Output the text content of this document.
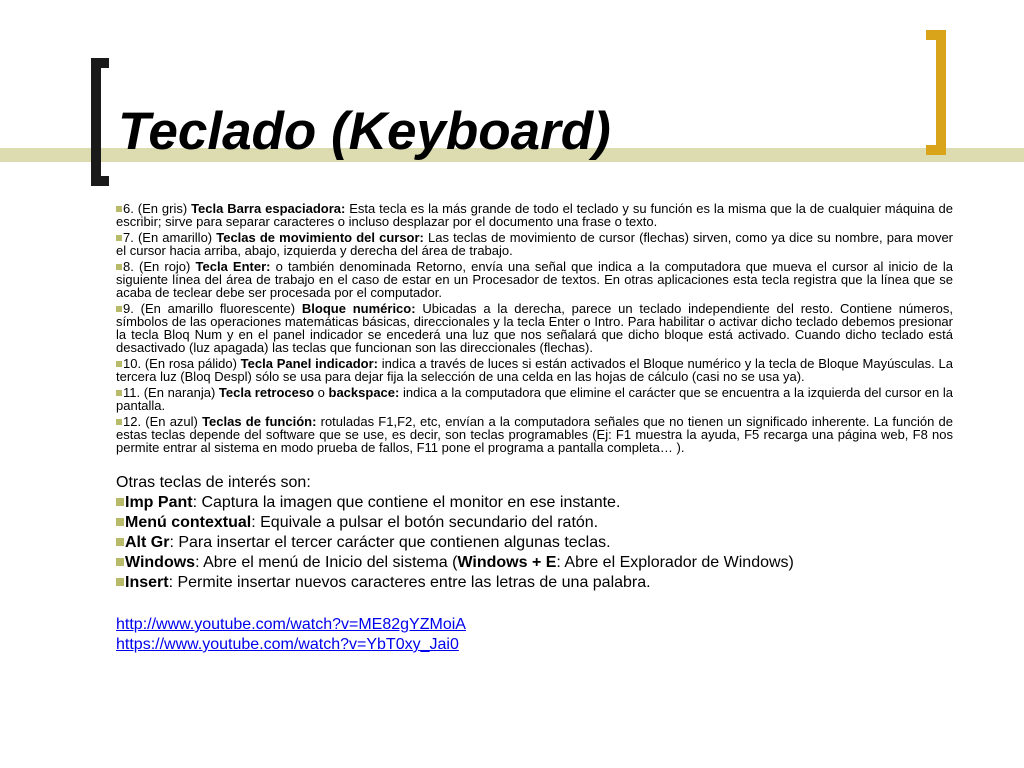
Teclado (Keyboard)

6. (En gris) Tecla Barra espaciadora: Esta tecla es la más grande de todo el teclado y su función es la misma que la de cualquier máquina de escribir; sirve para separar caracteres o incluso desplazar por el documento una frase o texto.

7. (En amarillo) Teclas de movimiento del cursor: Las teclas de movimiento de cursor (flechas) sirven, como ya dice su nombre, para mover el cursor hacia arriba, abajo, izquierda y derecha del área de trabajo.

8. (En rojo) Tecla Enter: o también denominada Retorno, envía una señal que indica a la computadora que mueva el cursor al inicio de la siguiente línea del área de trabajo en el caso de estar en un Procesador de textos. En otras aplicaciones esta tecla registra que la línea que se acaba de teclear debe ser procesada por el computador.

9. (En amarillo fluorescente) Bloque numérico: Ubicadas a la derecha, parece un teclado independiente del resto. Contiene números, símbolos de las operaciones matemáticas básicas, direccionales y la tecla Enter o Intro. Para habilitar o activar dicho teclado debemos presionar la tecla Bloq Num y en el panel indicador se encederá una luz que nos señalará que dicho bloque está activado. Cuando dicho teclado está desactivado (luz apagada) las teclas que funcionan son las direccionales (flechas).

10. (En rosa pálido) Tecla Panel indicador: indica a través de luces si están activados el Bloque numérico y la tecla de Bloque Mayúsculas. La tercera luz (Bloq Despl) sólo se usa para dejar fija la selección de una celda en las hojas de cálculo (casi no se usa ya).

11. (En naranja) Tecla retroceso o backspace: indica a la computadora que elimine el carácter que se encuentra a la izquierda del cursor en la pantalla.

12. (En azul) Teclas de función: rotuladas F1,F2, etc, envían a la computadora señales que no tienen un significado inherente. La función de estas teclas depende del software que se use, es decir, son teclas programables (Ej: F1 muestra la ayuda, F5 recarga una página web, F8 nos permite entrar al sistema en modo prueba de fallos, F11 pone el programa a pantalla completa… ).

Otras teclas de interés son:

Imp Pant: Captura la imagen que contiene el monitor en ese instante.

Menú contextual: Equivale a pulsar el botón secundario del ratón.

Alt Gr: Para insertar el tercer carácter que contienen algunas teclas.

Windows: Abre el menú de Inicio del sistema (Windows + E: Abre el Explorador de Windows)

Insert: Permite insertar nuevos caracteres entre las letras de una palabra.

http://www.youtube.com/watch?v=ME82gYZMoiA
https://www.youtube.com/watch?v=YbT0xy_Jai0
